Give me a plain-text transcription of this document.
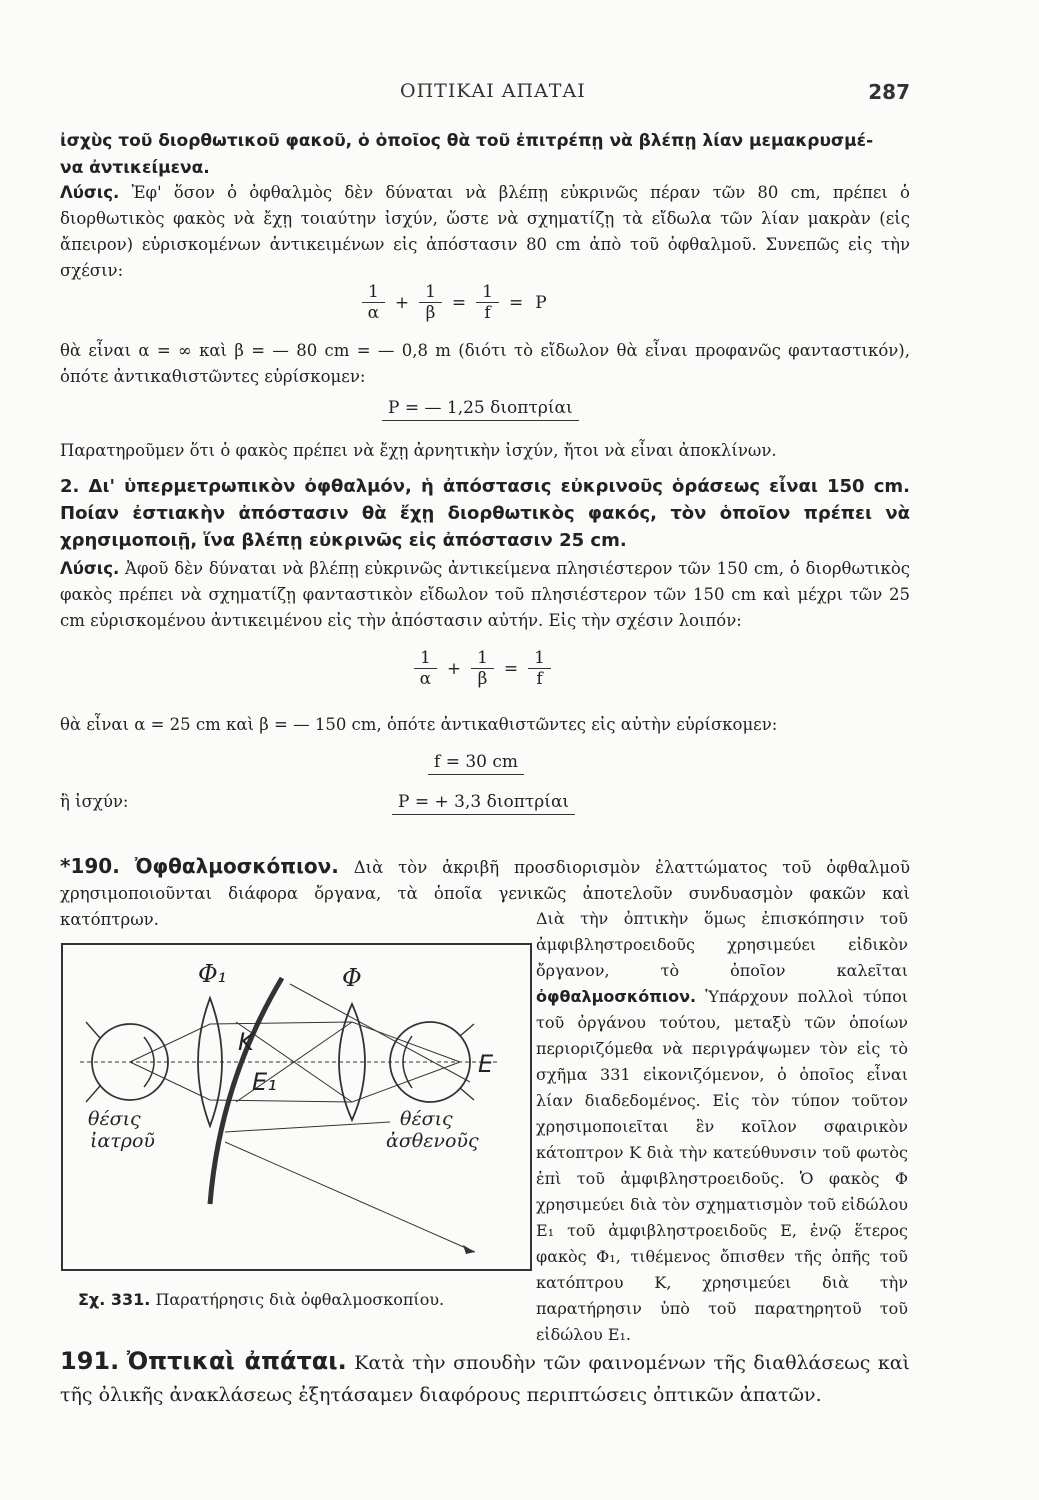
ΟΠΤΙΚΑΙ ΑΠΑΤΑΙ	287
ἰσχὺς τοῦ διορθωτικοῦ φακοῦ, ὁ ὁποῖος θὰ τοῦ ἐπιτρέπῃ νὰ βλέπῃ λίαν μεμακρυσμέ-
να ἀντικείμενα.
Λύσις. Ἐφ' ὅσον ὁ ὀφθαλμὸς δὲν δύναται νὰ βλέπῃ εὐκρινῶς πέραν τῶν 80 cm, πρέπει ὁ διορθωτικὸς φακὸς νὰ ἔχῃ τοιαύτην ἰσχύν, ὥστε νὰ σχηματίζῃ τὰ εἴδωλα τῶν λίαν μακρὰν (εἰς ἄπειρον) εὑρισκομένων ἀντικειμένων εἰς ἀπόστασιν 80 cm ἀπὸ τοῦ ὀφθαλμοῦ. Συνεπῶς εἰς τὴν σχέσιν:
$\frac{1}{\alpha} + \frac{1}{\beta} = \frac{1}{f} = P$
θὰ εἶναι α = ∞ καὶ β = — 80 cm = — 0,8 m (διότι τὸ εἴδωλον θὰ εἶναι προφανῶς φανταστικόν), ὁπότε ἀντικαθιστῶντες εὑρίσκομεν:
P = — 1,25 διοπτρίαι
Παρατηροῦμεν ὅτι ὁ φακὸς πρέπει νὰ ἔχῃ ἀρνητικὴν ἰσχύν, ἤτοι νὰ εἶναι ἀποκλίνων.
2. Δι' ὑπερμετρωπικὸν ὀφθαλμόν, ἡ ἀπόστασις εὐκρινοῦς ὁράσεως εἶναι 150 cm. Ποίαν ἐστιακὴν ἀπόστασιν θὰ ἔχῃ διορθωτικὸς φακός, τὸν ὁποῖον πρέπει νὰ χρησιμοποιῇ, ἵνα βλέπῃ εὐκρινῶς εἰς ἀπόστασιν 25 cm.
Λύσις. Ἀφοῦ δὲν δύναται νὰ βλέπῃ εὐκρινῶς ἀντικείμενα πλησιέστερον τῶν 150 cm, ὁ διορθωτικὸς φακὸς πρέπει νὰ σχηματίζῃ φανταστικὸν εἴδωλον τοῦ πλησιέστερον τῶν 150 cm καὶ μέχρι τῶν 25 cm εὑρισκομένου ἀντικειμένου εἰς τὴν ἀπόστασιν αὐτήν. Εἰς τὴν σχέσιν λοιπόν:
$\frac{1}{\alpha} + \frac{1}{\beta} = \frac{1}{f}$
θὰ εἶναι α = 25 cm καὶ β = — 150 cm, ὁπότε ἀντικαθιστῶντες εἰς αὐτὴν εὑρίσκομεν:
f = 30 cm
ἢ ἰσχύν:	P = + 3,3 διοπτρίαι
*190. Ὀφθαλμοσκόπιον. Διὰ τὸν ἀκριβῆ προσδιορισμὸν ἐλαττώματος τοῦ ὀφθαλμοῦ χρησιμοποιοῦνται διάφορα ὄργανα, τὰ ὁποῖα γενικῶς ἀποτελοῦν συνδυασμὸν φακῶν καὶ κατόπτρων.	Διὰ τὴν ὀπτικὴν ὅμως ἐπισκόπησιν τοῦ ἀμφιβληστροειδοῦς χρησιμεύει εἰδικὸν ὄργανον, τὸ ὁποῖον καλεῖται ὀφθαλμοσκόπιον. Ὑπάρχουν πολλοὶ τύποι τοῦ ὀργάνου τούτου, μεταξὺ τῶν ὁποίων περιοριζόμεθα νὰ περιγράψωμεν τὸν εἰς τὸ σχῆμα 331 εἰκονιζόμενον, ὁ ὁποῖος εἶναι λίαν διαδεδομένος. Εἰς τὸν τύπον τοῦτον χρησιμοποιεῖται ἓν κοῖλον σφαιρικὸν κάτοπτρον Κ διὰ τὴν κατεύθυνσιν τοῦ φωτὸς ἐπὶ τοῦ ἀμφιβληστροειδοῦς. Ὁ φακὸς Φ χρησιμεύει διὰ τὸν σχηματισμὸν τοῦ εἰδώλου Ε₁ τοῦ ἀμφιβληστροειδοῦς Ε, ἐνῷ ἕτερος φακὸς Φ₁, τιθέμενος ὄπισθεν τῆς ὀπῆς τοῦ κατόπτρου Κ, χρησιμεύει διὰ τὴν παρατήρησιν ὑπὸ τοῦ παρατηρητοῦ τοῦ εἰδώλου Ε₁.
Φ₁	Φ
K
E₁
E
θέσις
ἰατροῦ
θέσις
ἀσθενοῦς
Σχ. 331. Παρατήρησις διὰ ὀφθαλμοσκοπίου.
191. Ὀπτικαὶ ἀπάται. Κατὰ τὴν σπουδὴν τῶν φαινομένων τῆς διαθλάσεως καὶ τῆς ὀλικῆς ἀνακλάσεως ἐξητάσαμεν διαφόρους περιπτώσεις ὀπτικῶν ἀπατῶν.
